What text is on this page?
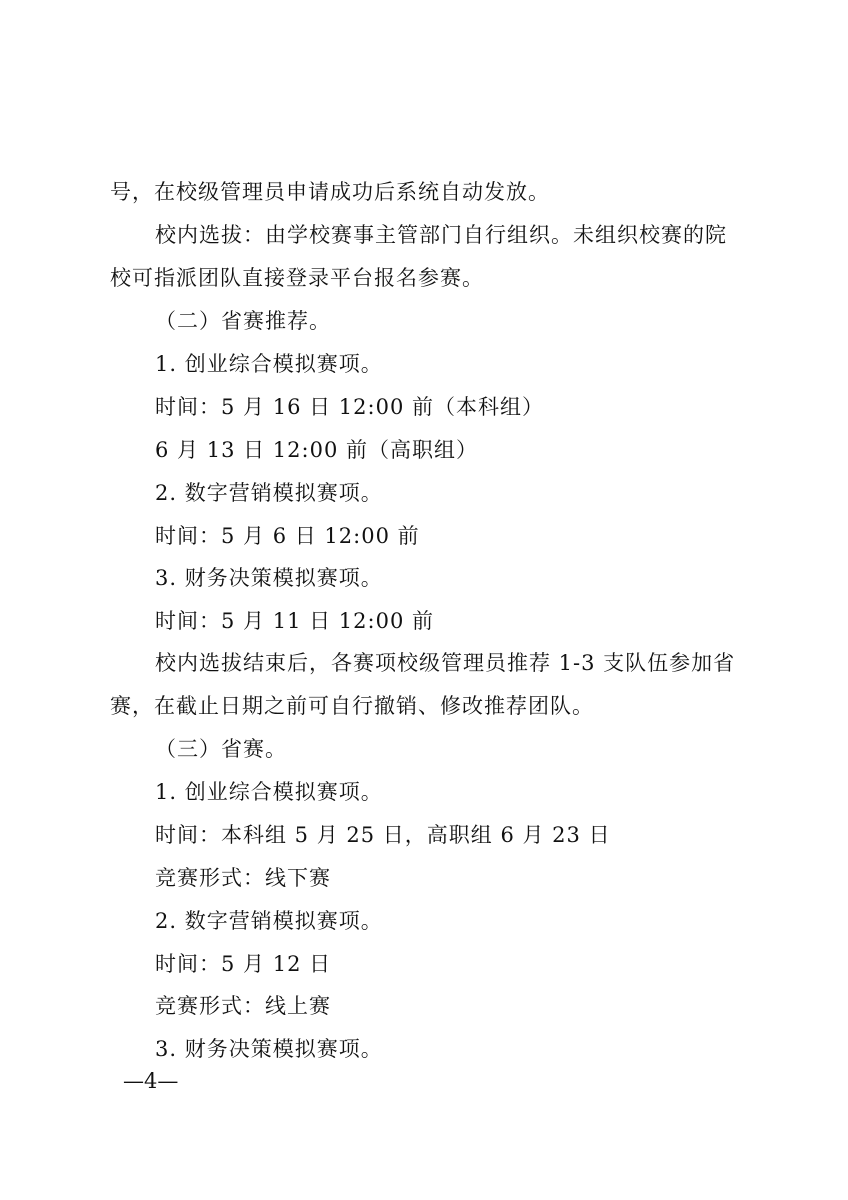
号，在校级管理员申请成功后系统自动发放。

校内选拔：由学校赛事主管部门自行组织。未组织校赛的院

校可指派团队直接登录平台报名参赛。

（二）省赛推荐。

1. 创业综合模拟赛项。

时间：5 月 16 日 12:00 前（本科组）

6 月 13 日 12:00 前（高职组）

2. 数字营销模拟赛项。

时间：5 月 6 日 12:00 前

3. 财务决策模拟赛项。

时间：5 月 11 日 12:00 前

校内选拔结束后，各赛项校级管理员推荐 1-3 支队伍参加省

赛，在截止日期之前可自行撤销、修改推荐团队。

（三）省赛。

1. 创业综合模拟赛项。

时间：本科组 5 月 25 日，高职组 6 月 23 日

竞赛形式：线下赛

2. 数字营销模拟赛项。

时间：5 月 12 日

竞赛形式：线上赛

3. 财务决策模拟赛项。

—4—
